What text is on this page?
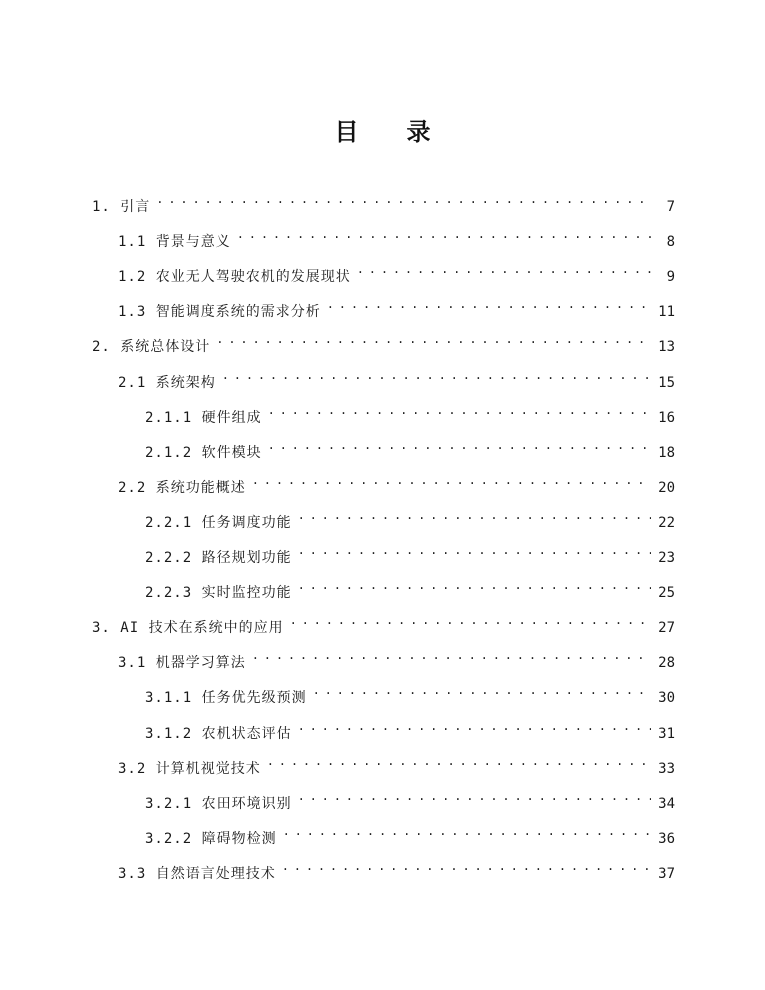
目　　录
1. 引言 . . .	7
1.1 背景与意义 . . .	8
1.2 农业无人驾驶农机的发展现状 . . .	9
1.3 智能调度系统的需求分析 . . .	11
2. 系统总体设计 . . .	13
2.1 系统架构 . . .	15
2.1.1 硬件组成 . . .	16
2.1.2 软件模块 . . .	18
2.2 系统功能概述 . . .	20
2.2.1 任务调度功能 . . .	22
2.2.2 路径规划功能 . . .	23
2.2.3 实时监控功能 . . .	25
3. AI 技术在系统中的应用 . . .	27
3.1 机器学习算法 . . .	28
3.1.1 任务优先级预测 . . .	30
3.1.2 农机状态评估 . . .	31
3.2 计算机视觉技术 . . .	33
3.2.1 农田环境识别 . . .	34
3.2.2 障碍物检测 . . .	36
3.3 自然语言处理技术 . . .	37
